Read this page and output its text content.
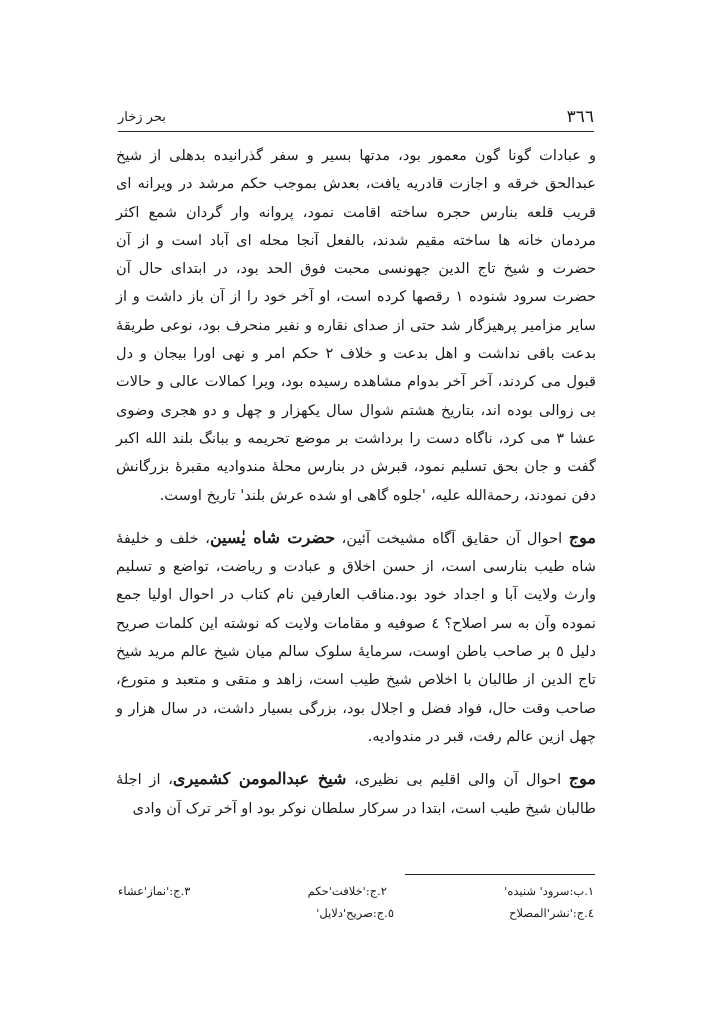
٣٦٦
بحر زخار

و عبادات گونا گون معمور بود، مدتها بسیر و سفر گذرانیده بدهلی از شیخ عبدالحق خرقه و اجازت قادریه یافت، بعدش بموجب حکم مرشد در ویرانه ای قریب قلعه بنارس حجره ساخته اقامت نمود، پروانه وار گردان شمع اکثر مردمان خانه ها ساخته مقیم شدند، بالفعل آنجا محله ای آباد است و از آن حضرت و شیخ تاج الدین جهونسی محبت فوق الحد بود، در ابتدای حال آن حضرت سرود شنوده ١ رقصها کرده است، او آخر خود را از آن باز داشت و از سایر مزامیر پرهیزگار شد حتی از صدای نقاره و نفیر منحرف بود، نوعی طریقهٔ بدعت باقی نداشت و اهل بدعت و خلاف ٢ حکم امر و نهی اورا بیجان و دل قبول می کردند، آخر آخر بدوام مشاهده رسیده بود، ویرا کمالات عالی و حالات بی زوالی بوده اند، بتاریخ هشتم شوال سال یکهزار و چهل و دو هجری وضوی عشا ٣ می کرد، ناگاه دست را برداشت بر موضع تحریمه و ببانگ بلند الله اکبر گفت و جان بحق تسلیم نمود، قبرش در بنارس محلهٔ مندوادیه مقبرهٔ بزرگانش دفن نمودند، رحمةالله علیه، 'جلوه گاهی او شده عرش بلند' تاریخ اوست.

موج احوال آن حقایق آگاه مشیخت آئین، حضرت شاه یٰسین، خلف و خلیفهٔ شاه طیب بنارسی است، از حسن اخلاق و عبادت و ریاضت، تواضع و تسلیم وارث ولایت آبا و اجداد خود بود.مناقب العارفین نام کتاب در احوال اولیا جمع نموده وآن به سر اصلاح؟ ٤ صوفیه و مقامات ولایت که نوشته این کلمات صریح دلیل ٥ بر صاحب باطن اوست، سرمایهٔ سلوک سالم میان شیخ عالم مرید شیخ تاج الدین از طالبان با اخلاص شیخ طیب است، زاهد و متقی و متعبد و متورع، صاحب وقت حال، فواد فضل و اجلال بود، بزرگی بسیار داشت، در سال هزار و چهل ازین عالم رفت، قبر در مندوادیه.

موج احوال آن والی اقلیم بی نظیری، شیخ عبدالمومن کشمیری، از اجلهٔ طالبان شیخ طیب است، ابتدا در سرکار سلطان نوکر بود او آخر ترک آن وادی

١.ب:سرود' شنیده'
٢.ج:'خلافت'حکم
٣.ج:'نماز'عشاء
٤.ج:'نشر'المصلاح
٥.ج:صریح'دلایل'
